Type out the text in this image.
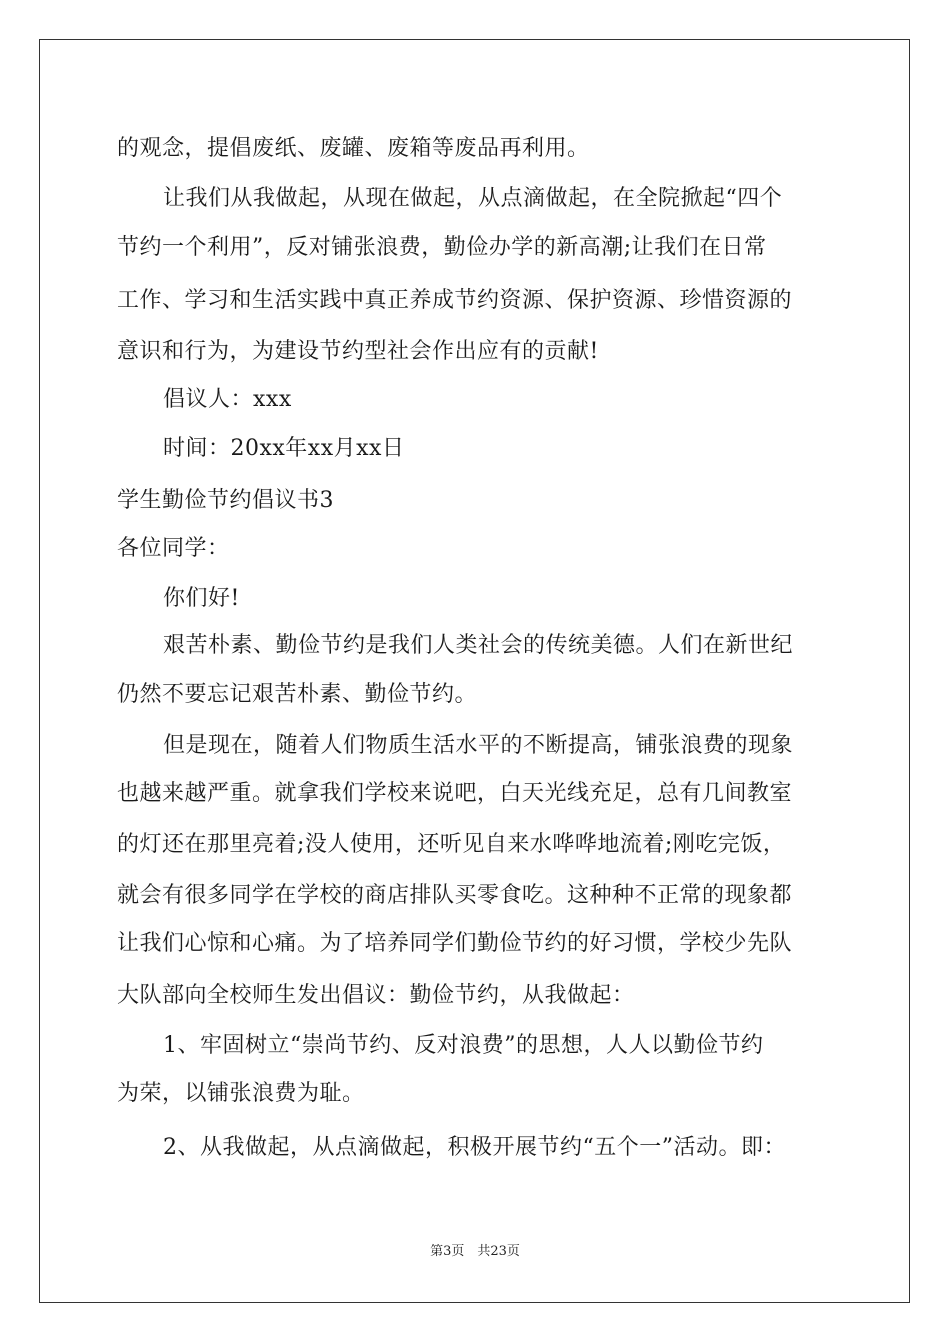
的观念，提倡废纸、废罐、废箱等废品再利用。
让我们从我做起，从现在做起，从点滴做起，在全院掀起“四个
节约一个利用”，反对铺张浪费，勤俭办学的新高潮;让我们在日常
工作、学习和生活实践中真正养成节约资源、保护资源、珍惜资源的
意识和行为，为建设节约型社会作出应有的贡献!
倡议人：xxx
时间：20xx年xx月xx日
学生勤俭节约倡议书3
各位同学：
你们好!
艰苦朴素、勤俭节约是我们人类社会的传统美德。人们在新世纪
仍然不要忘记艰苦朴素、勤俭节约。
但是现在，随着人们物质生活水平的不断提高，铺张浪费的现象
也越来越严重。就拿我们学校来说吧，白天光线充足，总有几间教室
的灯还在那里亮着;没人使用，还听见自来水哗哗地流着;刚吃完饭，
就会有很多同学在学校的商店排队买零食吃。这种种不正常的现象都
让我们心惊和心痛。为了培养同学们勤俭节约的好习惯，学校少先队
大队部向全校师生发出倡议：勤俭节约，从我做起：
1、牢固树立“崇尚节约、反对浪费”的思想，人人以勤俭节约
为荣，以铺张浪费为耻。
2、从我做起，从点滴做起，积极开展节约“五个一”活动。即：
第3页　共23页
